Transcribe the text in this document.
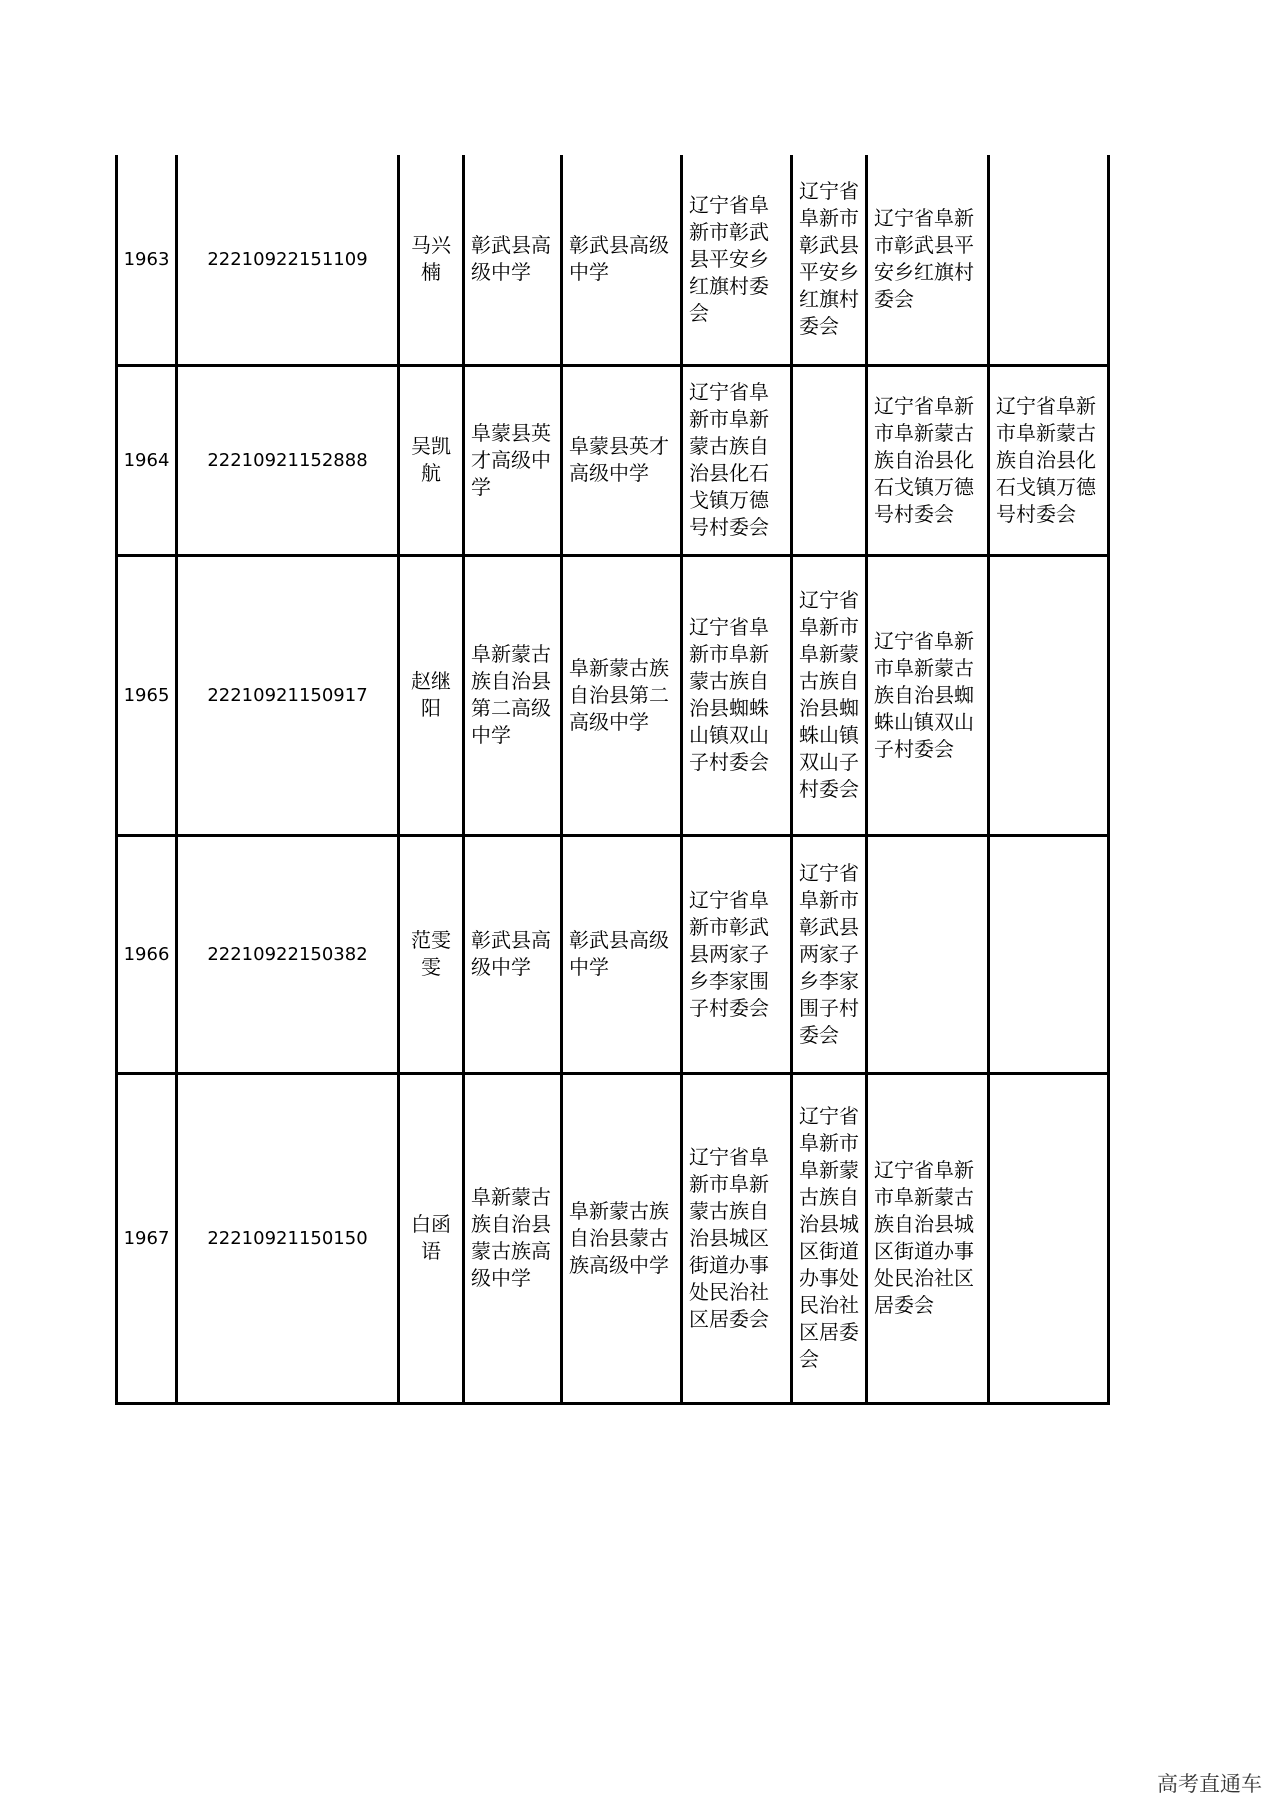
1963	22210922151109	马兴楠	彰武县高级中学	彰武县高级中学	辽宁省阜新市彰武县平安乡红旗村委会	辽宁省阜新市彰武县平安乡红旗村委会	辽宁省阜新市彰武县平安乡红旗村委会	
1964	22210921152888	吴凯航	阜蒙县英才高级中学	阜蒙县英才高级中学	辽宁省阜新市阜新蒙古族自治县化石戈镇万德号村委会		辽宁省阜新市阜新蒙古族自治县化石戈镇万德号村委会	辽宁省阜新市阜新蒙古族自治县化石戈镇万德号村委会
1965	22210921150917	赵继阳	阜新蒙古族自治县第二高级中学	阜新蒙古族自治县第二高级中学	辽宁省阜新市阜新蒙古族自治县蜘蛛山镇双山子村委会	辽宁省阜新市阜新蒙古族自治县蜘蛛山镇双山子村委会	辽宁省阜新市阜新蒙古族自治县蜘蛛山镇双山子村委会	
1966	22210922150382	范雯雯	彰武县高级中学	彰武县高级中学	辽宁省阜新市彰武县两家子乡李家围子村委会	辽宁省阜新市彰武县两家子乡李家围子村委会		
1967	22210921150150	白函语	阜新蒙古族自治县蒙古族高级中学	阜新蒙古族自治县蒙古族高级中学	辽宁省阜新市阜新蒙古族自治县城区街道办事处民治社区居委会	辽宁省阜新市阜新蒙古族自治县城区街道办事处民治社区居委会	辽宁省阜新市阜新蒙古族自治县城区街道办事处民治社区居委会	
高考直通车
